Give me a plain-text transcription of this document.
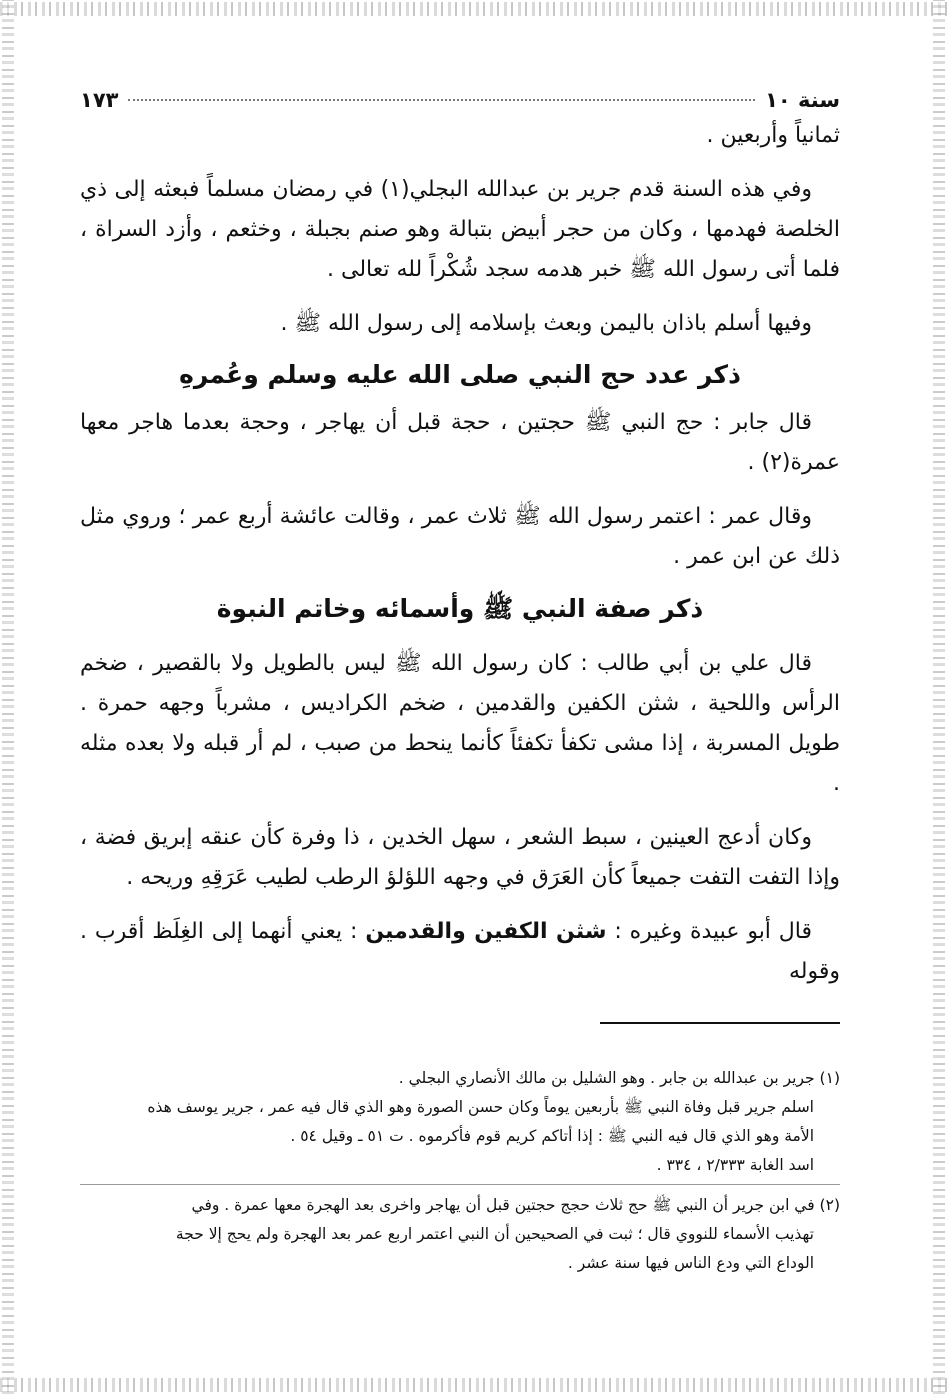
سنة ١٠
١٧٣

ثمانياً وأربعين .

وفي هذه السنة قدم جرير بن عبدالله البجلي(١) في رمضان مسلماً فبعثه إلى ذي الخلصة فهدمها ، وكان من حجر أبيض بتبالة وهو صنم بجبلة ، وخثعم ، وأزد السراة ، فلما أتى رسول الله ﷺ خبر هدمه سجد شُكْراً لله تعالى .

وفيها أسلم باذان باليمن وبعث بإسلامه إلى رسول الله ﷺ .

ذكر عدد حج النبي صلى الله عليه وسلم وعُمرهِ

قال جابر : حج النبي ﷺ حجتين ، حجة قبل أن يهاجر ، وحجة بعدما هاجر معها عمرة(٢) .

وقال عمر : اعتمر رسول الله ﷺ ثلاث عمر ، وقالت عائشة أربع عمر ؛ وروي مثل ذلك عن ابن عمر .

ذكر صفة النبي ﷺ وأسمائه وخاتم النبوة

قال علي بن أبي طالب : كان رسول الله ﷺ ليس بالطويل ولا بالقصير ، ضخم الرأس واللحية ، شثن الكفين والقدمين ، ضخم الكراديس ، مشرباً وجهه حمرة . طويل المسربة ، إذا مشى تكفأ تكفئاً كأنما ينحط من صبب ، لم أر قبله ولا بعده مثله .

وكان أدعج العينين ، سبط الشعر ، سهل الخدين ، ذا وفرة كأن عنقه إبريق فضة ، وإذا التفت التفت جميعاً كأن العَرَق في وجهه اللؤلؤ الرطب لطيب عَرَقِهِ وريحه .

قال أبو عبيدة وغيره : شثن الكفين والقدمين : يعني أنهما إلى الغِلَظ أقرب . وقوله

(١) جرير بن عبدالله بن جابر . وهو الشليل بن مالك الأنصاري البجلي .
اسلم جرير قبل وفاة النبي ﷺ بأربعين يوماً وكان حسن الصورة وهو الذي قال فيه عمر ، جرير يوسف هذه
الأمة وهو الذي قال فيه النبي ﷺ : إذا أتاكم كريم قوم فأكرموه . ت ٥١ ـ وقيل ٥٤ .
اسد الغابة ٢/٣٣٣ ، ٣٣٤ .
(٢) في ابن جرير أن النبي ﷺ حج ثلاث حجج حجتين قبل أن يهاجر واخرى بعد الهجرة معها عمرة . وفي
تهذيب الأسماء للنووي قال ؛ ثبت في الصحيحين أن النبي اعتمر اربع عمر بعد الهجرة ولم يحج إلا حجة
الوداع التي ودع الناس فيها سنة عشر .
